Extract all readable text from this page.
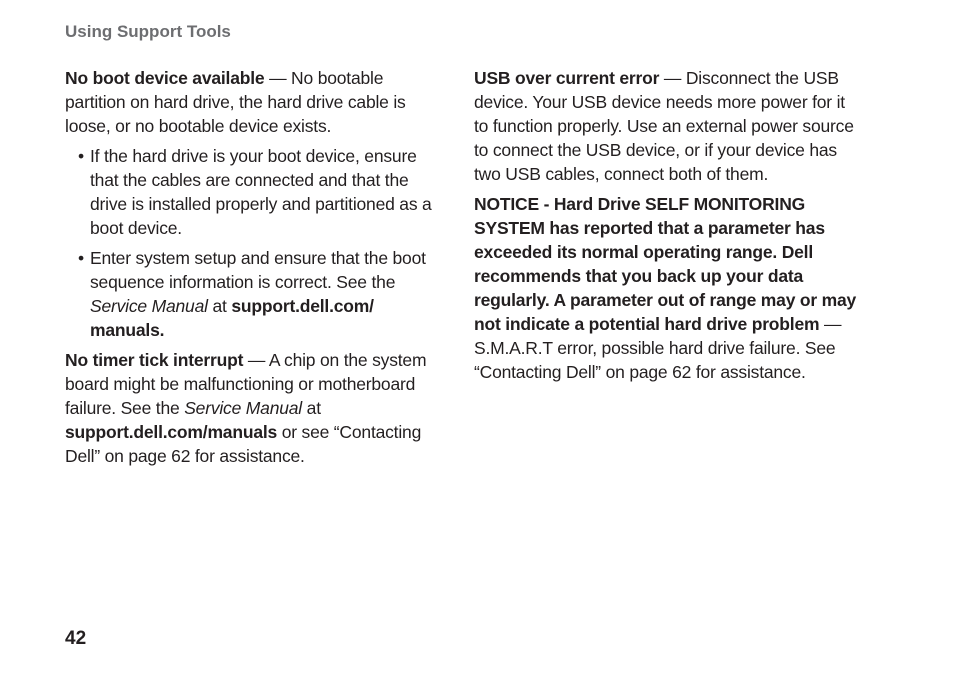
Using Support Tools

No boot device available — No bootable partition on hard drive, the hard drive cable is loose, or no bootable device exists.

• If the hard drive is your boot device, ensure that the cables are connected and that the drive is installed properly and partitioned as a boot device.
• Enter system setup and ensure that the boot sequence information is correct. See the Service Manual at support.dell.com/ manuals.

No timer tick interrupt — A chip on the system board might be malfunctioning or motherboard failure. See the Service Manual at support.dell.com/manuals or see “Contacting Dell” on page 62 for assistance.

USB over current error — Disconnect the USB device. Your USB device needs more power for it to function properly. Use an external power source to connect the USB device, or if your device has two USB cables, connect both of them.

NOTICE - Hard Drive SELF MONITORING SYSTEM has reported that a parameter has exceeded its normal operating range. Dell recommends that you back up your data regularly. A parameter out of range may or may not indicate a potential hard drive problem — S.M.A.R.T error, possible hard drive failure. See “Contacting Dell” on page 62 for assistance.

42
